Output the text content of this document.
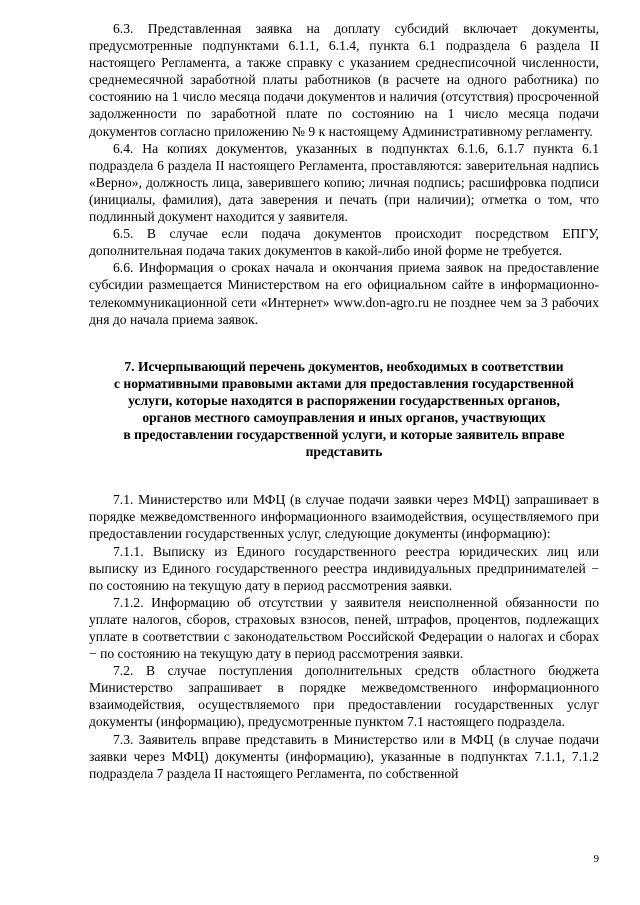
6.3. Представленная заявка на доплату субсидий включает документы, предусмотренные подпунктами 6.1.1, 6.1.4, пункта 6.1 подраздела 6 раздела II настоящего Регламента, а также справку с указанием среднесписочной численности, среднемесячной заработной платы работников (в расчете на одного работника) по состоянию на 1 число месяца подачи документов и наличия (отсутствия) просроченной задолженности по заработной плате по состоянию на 1 число месяца подачи документов согласно приложению № 9 к настоящему Административному регламенту.

6.4. На копиях документов, указанных в подпунктах 6.1.6, 6.1.7 пункта 6.1 подраздела 6 раздела II настоящего Регламента, проставляются: заверительная надпись «Верно», должность лица, заверившего копию; личная подпись; расшифровка подписи (инициалы, фамилия), дата заверения и печать (при наличии); отметка о том, что подлинный документ находится у заявителя.

6.5. В случае если подача документов происходит посредством ЕПГУ, дополнительная подача таких документов в какой-либо иной форме не требуется.

6.6. Информация о сроках начала и окончания приема заявок на предоставление субсидии размещается Министерством на его официальном сайте в информационно-телекоммуникационной сети «Интернет» www.don-agro.ru не позднее чем за 3 рабочих дня до начала приема заявок.

7. Исчерпывающий перечень документов, необходимых в соответствии
с нормативными правовыми актами для предоставления государственной
услуги, которые находятся в распоряжении государственных органов,
органов местного самоуправления и иных органов, участвующих
в предоставлении государственной услуги, и которые заявитель вправе
представить

7.1. Министерство или МФЦ (в случае подачи заявки через МФЦ) запрашивает в порядке межведомственного информационного взаимодействия, осуществляемого при предоставлении государственных услуг, следующие документы (информацию):

7.1.1. Выписку из Единого государственного реестра юридических лиц или выписку из Единого государственного реестра индивидуальных предпринимателей − по состоянию на текущую дату в период рассмотрения заявки.

7.1.2. Информацию об отсутствии у заявителя неисполненной обязанности по уплате налогов, сборов, страховых взносов, пеней, штрафов, процентов, подлежащих уплате в соответствии с законодательством Российской Федерации о налогах и сборах − по состоянию на текущую дату в период рассмотрения заявки.

7.2. В случае поступления дополнительных средств областного бюджета Министерство запрашивает в порядке межведомственного информационного взаимодействия, осуществляемого при предоставлении государственных услуг документы (информацию), предусмотренные пунктом 7.1 настоящего подраздела.

7.3. Заявитель вправе представить в Министерство или в МФЦ (в случае подачи заявки через МФЦ) документы (информацию), указанные в подпунктах 7.1.1, 7.1.2 подраздела 7 раздела II настоящего Регламента, по собственной

9
